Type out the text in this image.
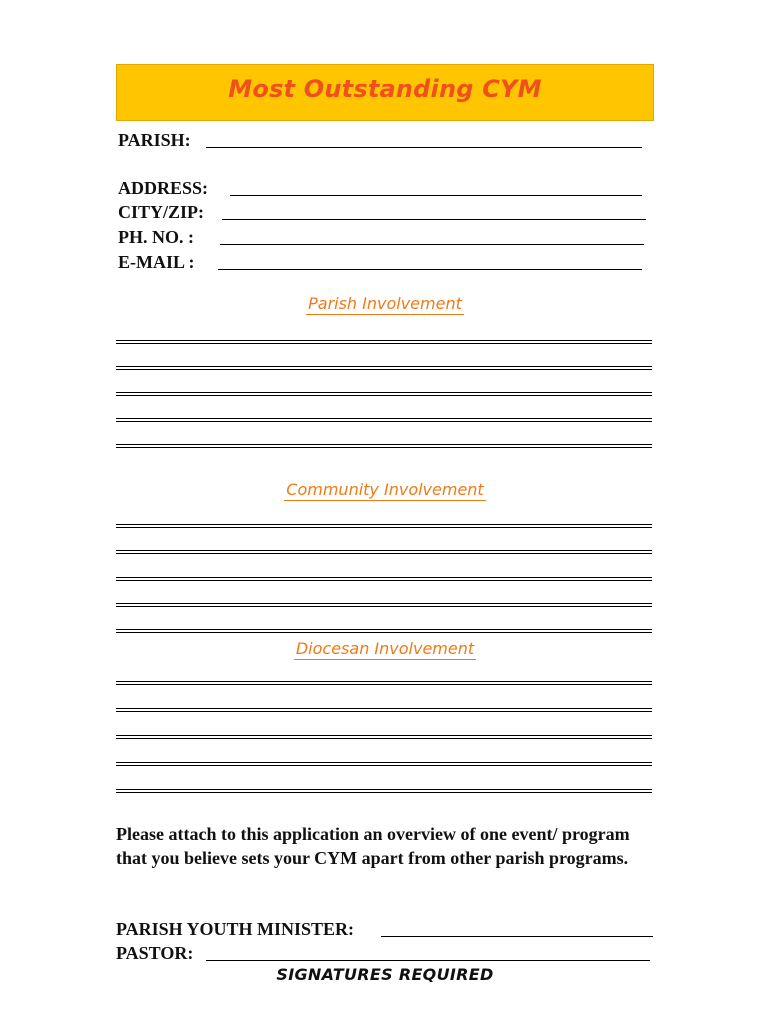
Most Outstanding CYM
PARISH:
ADDRESS:
CITY/ZIP:
PH. NO. :
E-MAIL :
Parish Involvement
Community Involvement
Diocesan Involvement
Please attach to this application an overview of one event/ program that you believe sets your CYM apart from other parish programs.
PARISH YOUTH MINISTER:
PASTOR:
SIGNATURES REQUIRED
